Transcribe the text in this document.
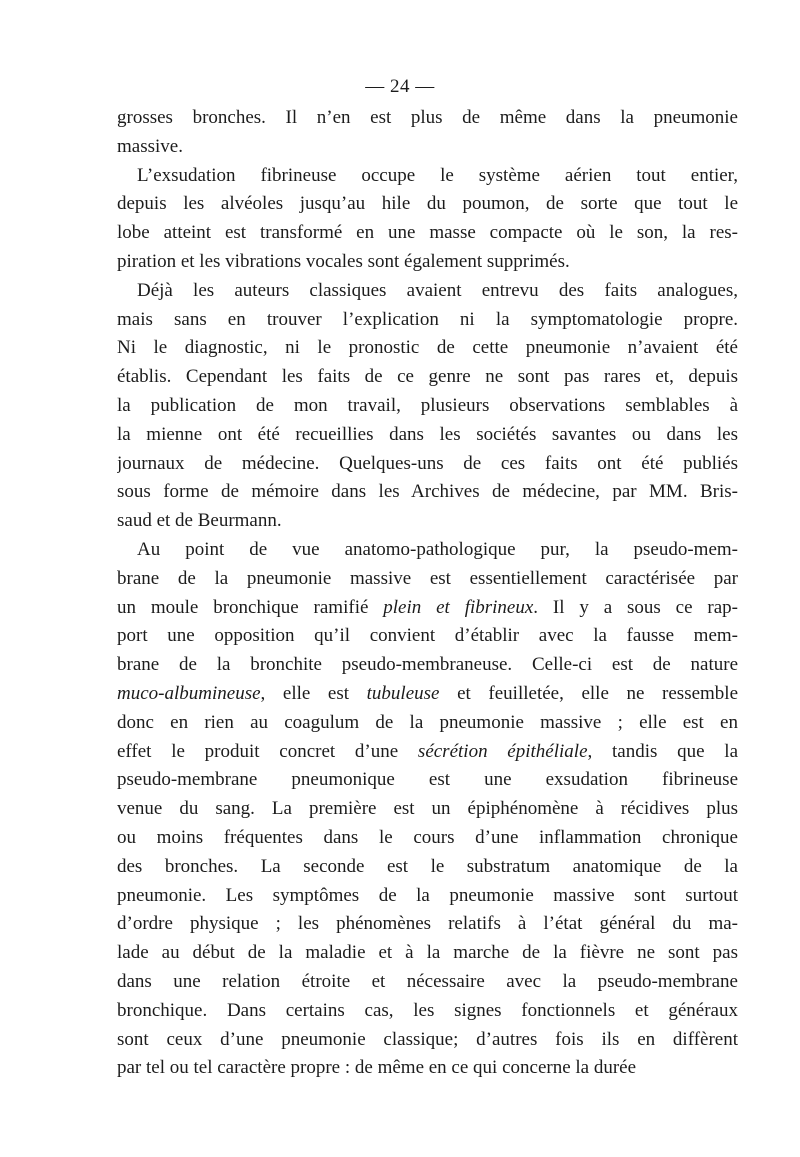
— 24 —
grosses bronches. Il n’en est plus de même dans la pneumonie
massive.
L’exsudation fibrineuse occupe le système aérien tout entier,
depuis les alvéoles jusqu’au hile du poumon, de sorte que tout le
lobe atteint est transformé en une masse compacte où le son, la res-
piration et les vibrations vocales sont également supprimés.
Déjà les auteurs classiques avaient entrevu des faits analogues,
mais sans en trouver l’explication ni la symptomatologie propre.
Ni le diagnostic, ni le pronostic de cette pneumonie n’avaient été
établis. Cependant les faits de ce genre ne sont pas rares et, depuis
la publication de mon travail, plusieurs observations semblables à
la mienne ont été recueillies dans les sociétés savantes ou dans les
journaux de médecine. Quelques-uns de ces faits ont été publiés
sous forme de mémoire dans les Archives de médecine, par MM. Bris-
saud et de Beurmann.
Au point de vue anatomo-pathologique pur, la pseudo-mem-
brane de la pneumonie massive est essentiellement caractérisée par
un moule bronchique ramifié plein et fibrineux. Il y a sous ce rap-
port une opposition qu’il convient d’établir avec la fausse mem-
brane de la bronchite pseudo-membraneuse. Celle-ci est de nature
muco-albumineuse, elle est tubuleuse et feuilletée, elle ne ressemble
donc en rien au coagulum de la pneumonie massive ; elle est en
effet le produit concret d’une sécrétion épithéliale, tandis que la
pseudo-membrane pneumonique est une exsudation fibrineuse
venue du sang. La première est un épiphénomène à récidives plus
ou moins fréquentes dans le cours d’une inflammation chronique
des bronches. La seconde est le substratum anatomique de la
pneumonie. Les symptômes de la pneumonie massive sont surtout
d’ordre physique ; les phénomènes relatifs à l’état général du ma-
lade au début de la maladie et à la marche de la fièvre ne sont pas
dans une relation étroite et nécessaire avec la pseudo-membrane
bronchique. Dans certains cas, les signes fonctionnels et généraux
sont ceux d’une pneumonie classique; d’autres fois ils en diffèrent
par tel ou tel caractère propre : de même en ce qui concerne la durée
